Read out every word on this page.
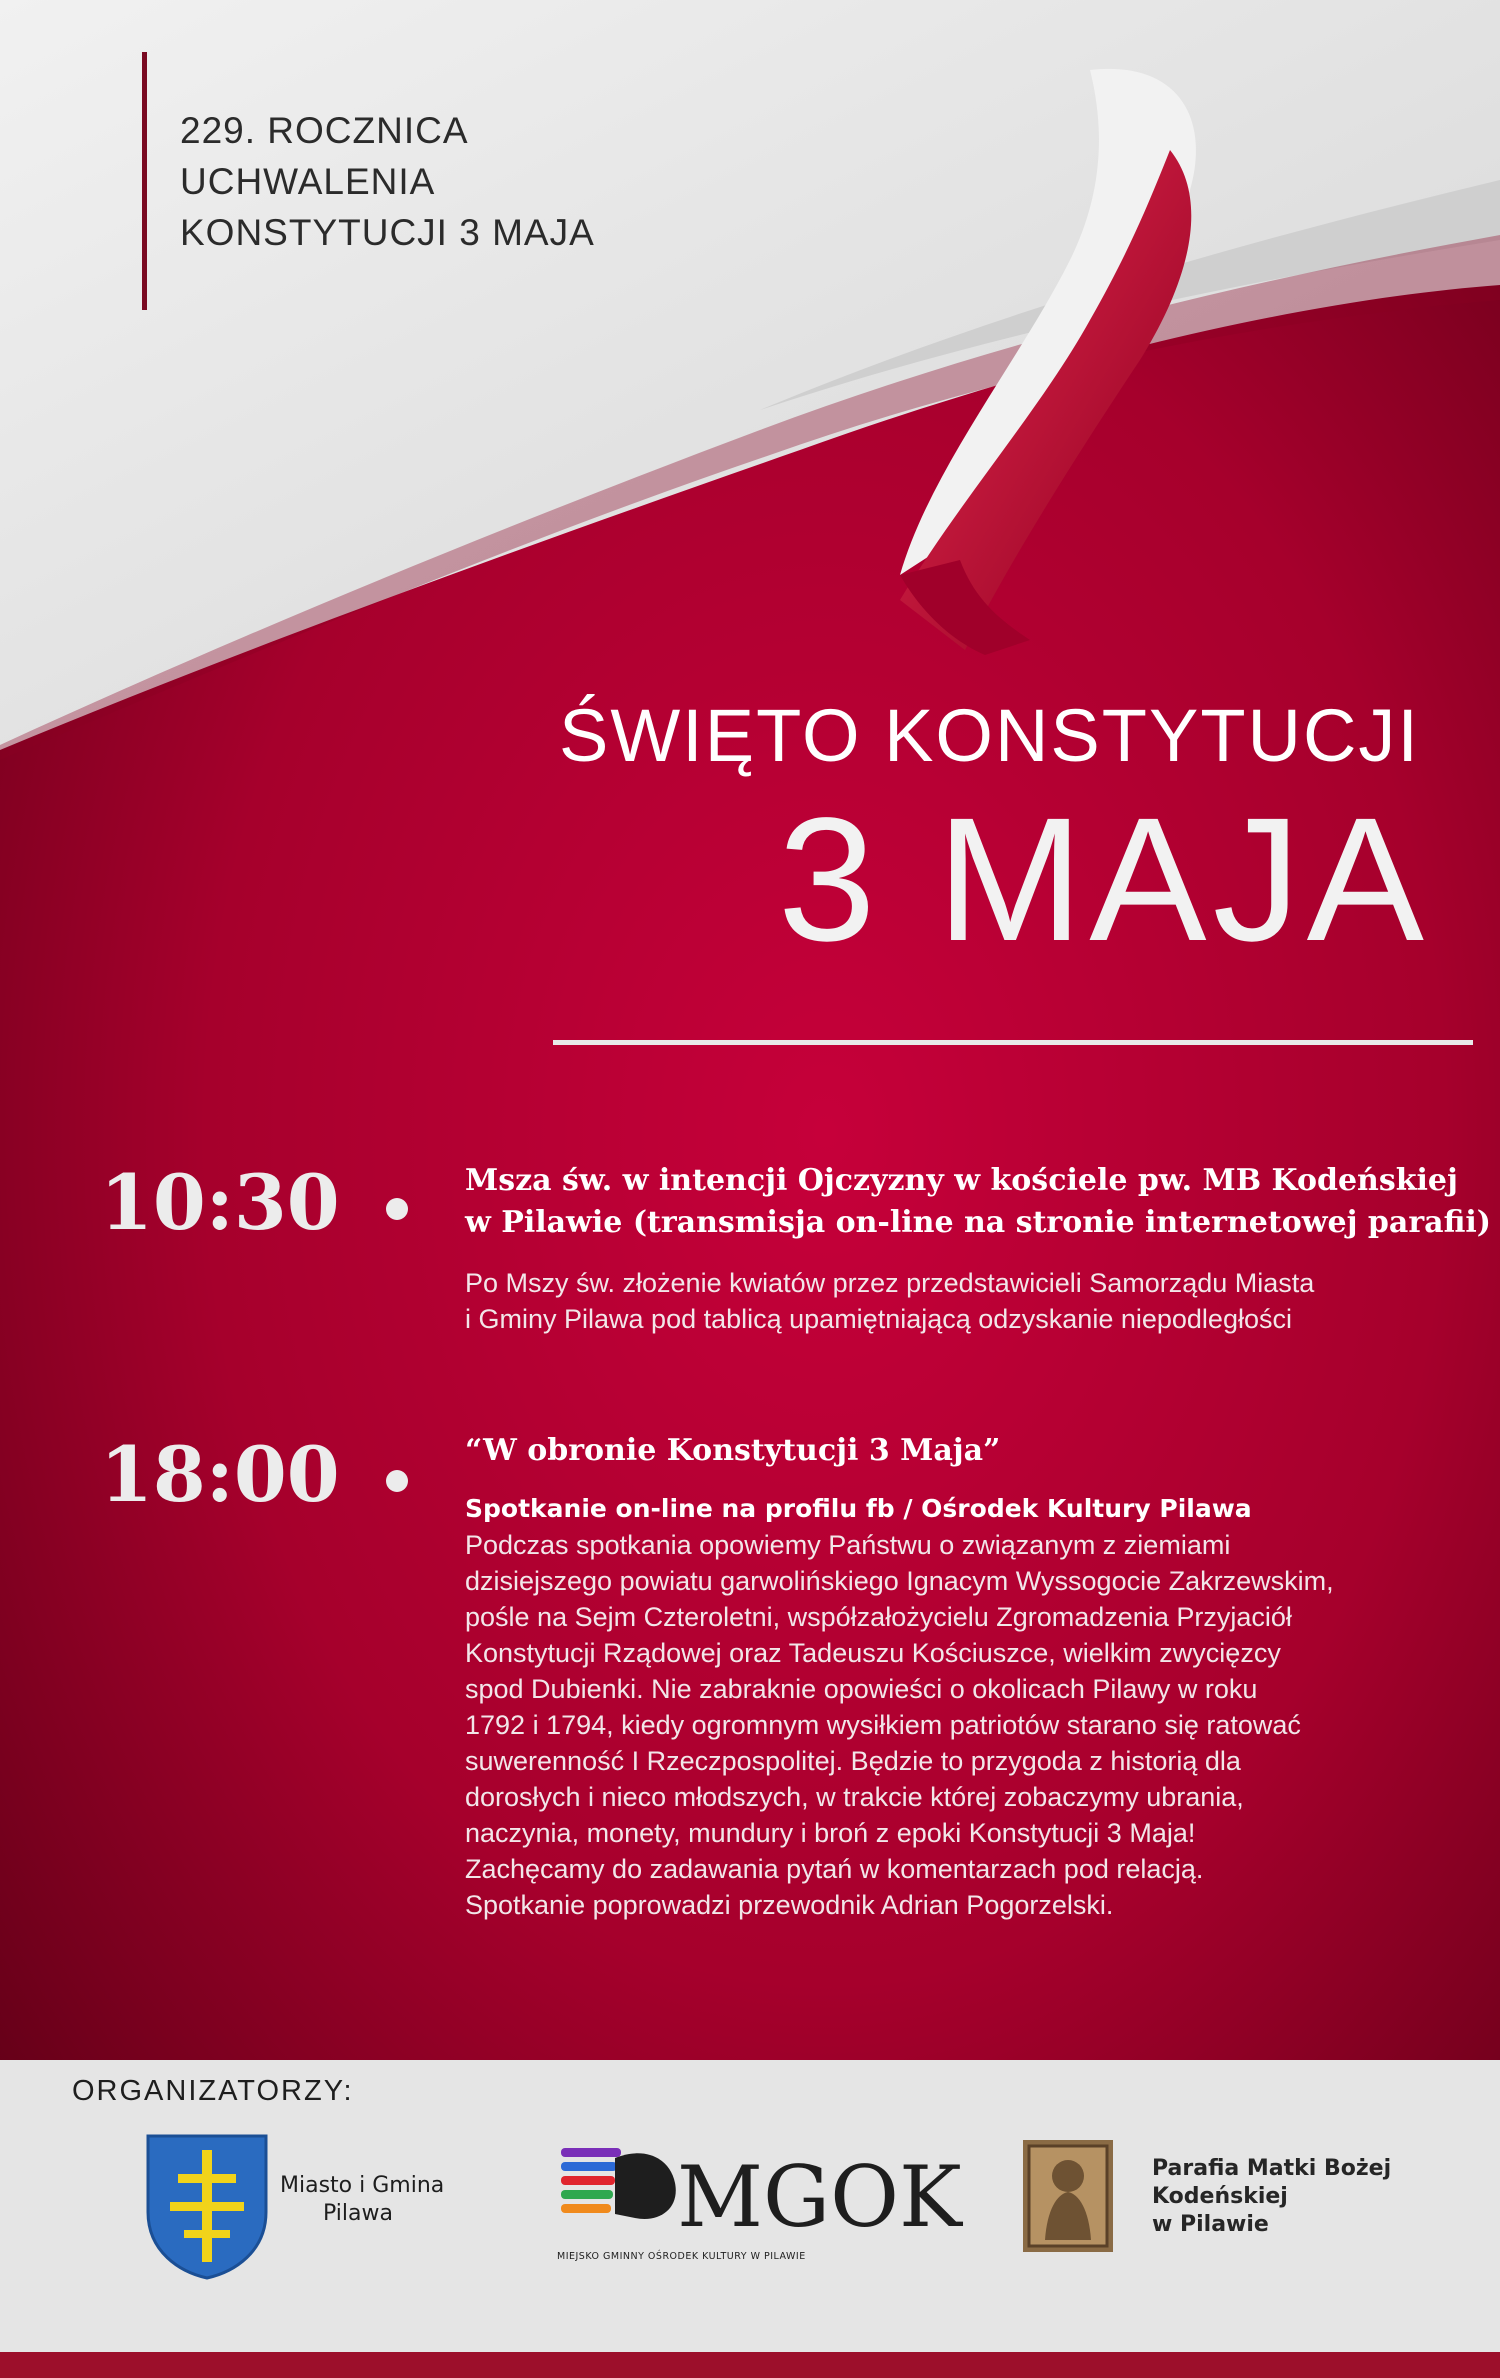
229. ROCZNICA
UCHWALENIA
KONSTYTUCJI 3 MAJA
ŚWIĘTO KONSTYTUCJI
3 MAJA
10:30	Msza św. w intencji Ojczyzny w kościele pw. MB Kodeńskiej
w Pilawie (transmisja on-line na stronie internetowej parafii)
Po Mszy św. złożenie kwiatów przez przedstawicieli Samorządu Miasta
i Gminy Pilawa pod tablicą upamiętniającą odzyskanie niepodległości
18:00	“W obronie Konstytucji 3 Maja”
Spotkanie on-line na profilu fb / Ośrodek Kultury Pilawa
Podczas spotkania opowiemy Państwu o związanym z ziemiami
dzisiejszego powiatu garwolińskiego Ignacym Wyssogocie Zakrzewskim,
pośle na Sejm Czteroletni, współzałożycielu Zgromadzenia Przyjaciół
Konstytucji Rządowej oraz Tadeuszu Kościuszce, wielkim zwycięzcy
spod Dubienki. Nie zabraknie opowieści o okolicach Pilawy w roku
1792 i 1794, kiedy ogromnym wysiłkiem patriotów starano się ratować
suwerenność I Rzeczpospolitej. Będzie to przygoda z historią dla
dorosłych i nieco młodszych, w trakcie której zobaczymy ubrania,
naczynia, monety, mundury i broń z epoki Konstytucji 3 Maja!
Zachęcamy do zadawania pytań w komentarzach pod relacją.
Spotkanie poprowadzi przewodnik Adrian Pogorzelski.
ORGANIZATORZY:
Miasto i Gmina
Pilawa	MGOK
MIEJSKO GMINNY OŚRODEK KULTURY W PILAWIE
Parafia Matki Bożej
Kodeńskiej
w Pilawie
